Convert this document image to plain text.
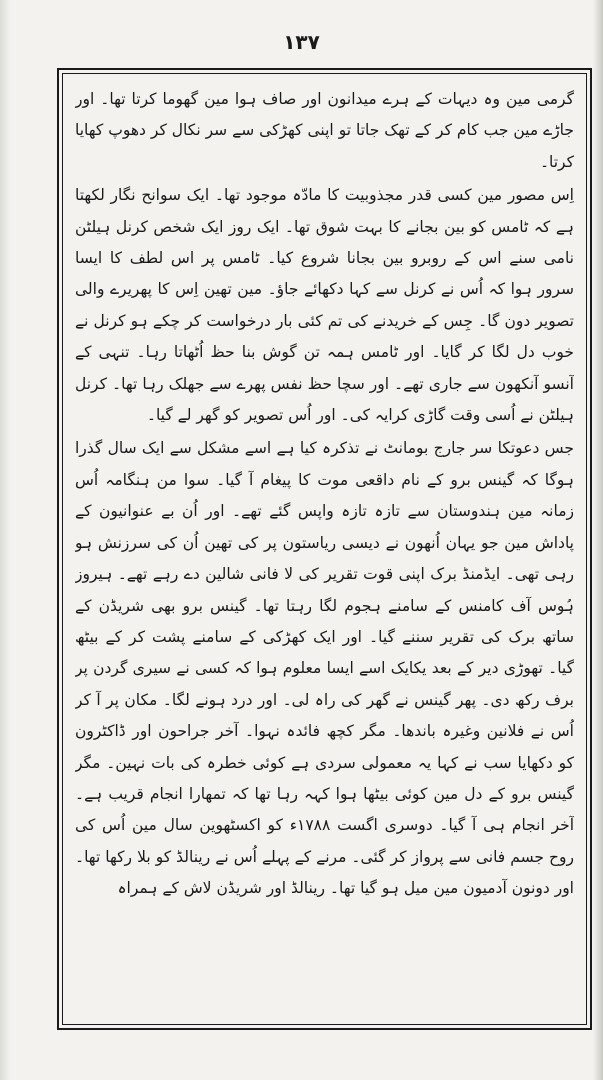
۱۳۷

گرمی مین وہ دیہات کے ہرے میدانون اور صاف ہوا مین گھوما کرتا تھا۔ اور جاڑے مین جب کام کر کے تھک جاتا تو اپنی کھڑکی سے سر نکال کر دھوپ کھایا کرتا۔

اِس مصور مین کسی قدر مجذوبیت کا مادّہ موجود تھا۔ ایک سوانح نگار لکھتا ہے کہ ٹامس کو بین بجانے کا بہت شوق تھا۔ ایک روز ایک شخص کرنل ہیلٹن نامی سنے اس کے روبرو بین بجانا شروع کیا۔ ٹامس پر اس لطف کا ایسا سرور ہوا کہ اُس نے کرنل سے کہا دکھائے جاؤ۔ مین تھین اِس کا پھریرے والی تصویر دون گا۔ جِس کے خریدنے کی تم کئی بار درخواست کر چکے ہو کرنل نے خوب دل لگا کر گایا۔ اور ٹامس ہمہ تن گوش بنا حظ اُٹھاتا رہا۔ تنہی کے آنسو آنکھون سے جاری تھے۔ اور سچا حظ نفس پھرے سے جھلک رہا تھا۔ کرنل ہیلٹن نے اُسی وقت گاڑی کرایہ کی۔ اور اُس تصویر کو گھر لے گیا۔

جس دعوتکا سر جارج بومانٹ نے تذکرہ کیا ہے اسے مشکل سے ایک سال گذرا ہوگا کہ گینس برو کے نام داقعی موت کا پیغام آ گیا۔ سوا من ہنگامہ اُس زمانہ مین ہندوستان سے تازہ تازہ واپس گئے تھے۔ اور اُن بے عنوانیون کے پاداش مین جو یہان اُنھون نے دیسی ریاستون پر کی تھین اُن کی سرزنش ہو رہی تھی۔ ایڈمنڈ برک اپنی قوت تقریر کی لا فانی شالین دے رہے تھے۔ ہیروز ہُوس آف کامنس کے سامنے ہجوم لگا رہتا تھا۔ گینس برو بھی شریڈن کے ساتھ برک کی تقریر سننے گیا۔ اور ایک کھڑکی کے سامنے پشت کر کے بیٹھ گیا۔ تھوڑی دیر کے بعد یکایک اسے ایسا معلوم ہوا کہ کسی نے سیری گردن پر برف رکھ دی۔ پھر گینس نے گھر کی راہ لی۔ اور درد ہونے لگا۔ مکان پر آ کر اُس نے فلانین وغیرہ باندھا۔ مگر کچھ فائدہ نہوا۔ آخر جراحون اور ڈاکٹرون کو دکھایا سب نے کہا یہ معمولی سردی ہے کوئی خطرہ کی بات نہین۔ مگر گینس برو کے دل مین کوئی بیٹھا ہوا کہہ رہا تھا کہ تمھارا انجام قریب ہے۔ آخر انجام ہی آ گیا۔ دوسری اگست ۱۷۸۸ء کو اکسٹھوین سال مین اُس کی روح جسم فانی سے پرواز کر گئی۔ مرنے کے پہلے اُس نے رینالڈ کو بلا رکھا تھا۔ اور دونون آدمیون مین میل ہو گیا تھا۔ رینالڈ اور شریڈن لاش کے ہمراہ
